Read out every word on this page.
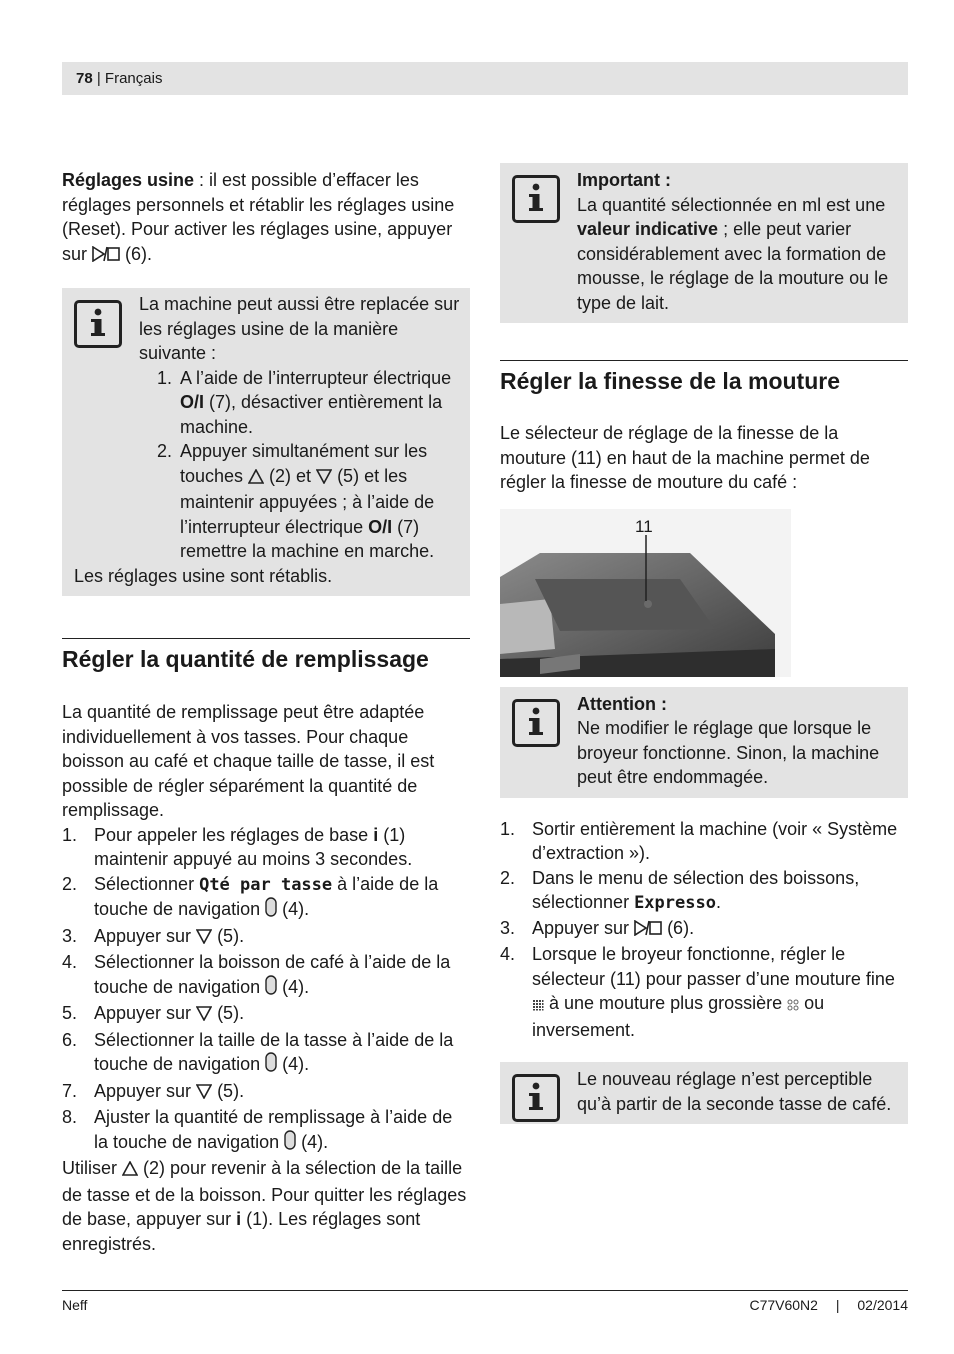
78 | Français

Réglages usine : il est possible d’effacer les réglages personnels et rétablir les réglages usine (Reset). Pour activer les réglages usine, appuyer sur  (6).

La machine peut aussi être replacée sur les réglages usine de la manière suivante :

1. A l’aide de l’interrupteur électrique O/I (7), désactiver entièrement la machine.
2. Appuyer simultanément sur les touches  (2) et  (5) et les maintenir appuyées ; à l’aide de l’interrupteur électrique O/I (7) remettre la machine en marche.

Les réglages usine sont rétablis.

Régler la quantité de remplissage

La quantité de remplissage peut être adaptée individuellement à vos tasses. Pour chaque boisson au café et chaque taille de tasse, il est possible de régler séparément la quantité de remplissage.

1. Pour appeler les réglages de base i (1) maintenir appuyé au moins 3 secondes.
2. Sélectionner Qté par tasse à l’aide de la touche de navigation  (4).
3. Appuyer sur  (5).
4. Sélectionner la boisson de café à l’aide de la touche de navigation  (4).
5. Appuyer sur  (5).
6. Sélectionner la taille de la tasse à l’aide de la touche de navigation  (4).
7. Appuyer sur  (5).
8. Ajuster la quantité de remplissage à l’aide de la touche de navigation  (4).

Utiliser  (2) pour revenir à la sélection de la taille de tasse et de la boisson. Pour quitter les réglages de base, appuyer sur i (1). Les réglages sont enregistrés.

Important :

La quantité sélectionnée en ml est une valeur indicative ; elle peut varier considérablement avec la formation de mousse, le réglage de la mouture ou le type de lait.

Régler la finesse de la mouture

Le sélecteur de réglage de la finesse de la mouture (11) en haut de la machine permet de régler la finesse de mouture du café :

11

Attention :

Ne modifier le réglage que lorsque le broyeur fonctionne. Sinon, la machine peut être endommagée.

1. Sortir entièrement la machine (voir « Système d’extraction »).
2. Dans le menu de sélection des boissons, sélectionner Expresso.
3. Appuyer sur  (6).
4. Lorsque le broyeur fonctionne, régler le sélecteur (11) pour passer d’une mouture fine  à une mouture plus grossière  ou inversement.

Le nouveau réglage n’est perceptible qu’à partir de la seconde tasse de café.

Neff	C77V60N2 | 02/2014
